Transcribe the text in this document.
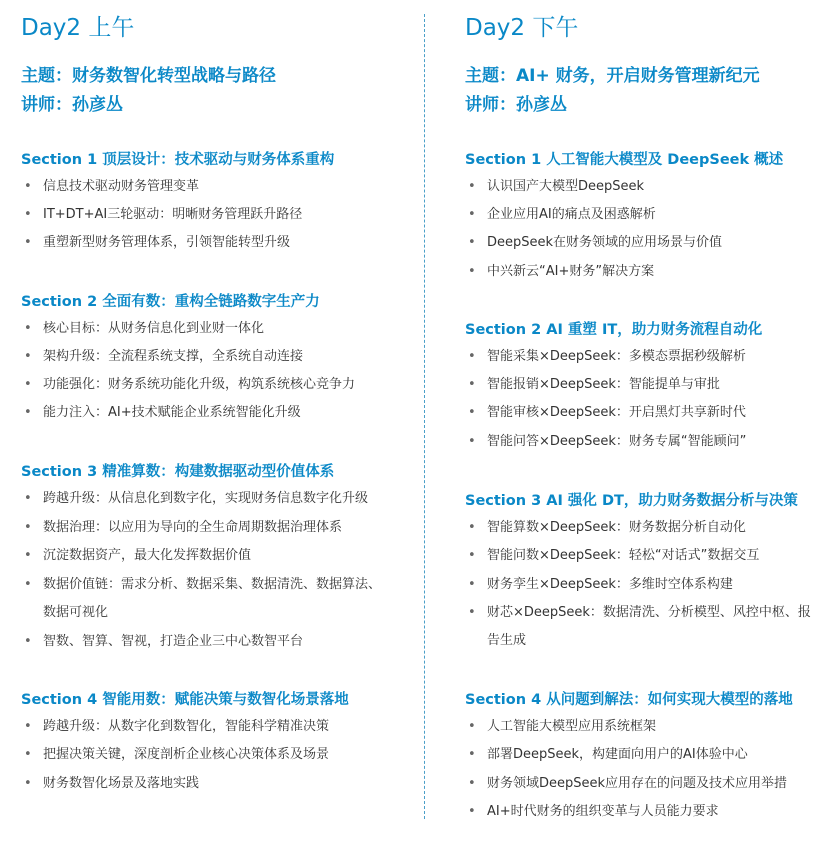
Day2 上午
主题：财务数智化转型战略与路径
讲师：孙彦丛
Section 1 顶层设计：技术驱动与财务体系重构
• 信息技术驱动财务管理变革
• IT+DT+AI三轮驱动：明晰财务管理跃升路径
• 重塑新型财务管理体系，引领智能转型升级
Section 2 全面有数：重构全链路数字生产力
• 核心目标：从财务信息化到业财一体化
• 架构升级：全流程系统支撑，全系统自动连接
• 功能强化：财务系统功能化升级，构筑系统核心竞争力
• 能力注入：AI+技术赋能企业系统智能化升级
Section 3 精准算数：构建数据驱动型价值体系
• 跨越升级：从信息化到数字化，实现财务信息数字化升级
• 数据治理：以应用为导向的全生命周期数据治理体系
• 沉淀数据资产，最大化发挥数据价值
• 数据价值链：需求分析、数据采集、数据清洗、数据算法、数据可视化
• 智数、智算、智视，打造企业三中心数智平台
Section 4 智能用数：赋能决策与数智化场景落地
• 跨越升级：从数字化到数智化，智能科学精准决策
• 把握决策关键，深度剖析企业核心决策体系及场景
• 财务数智化场景及落地实践
Day2 下午
主题：AI+ 财务，开启财务管理新纪元
讲师：孙彦丛
Section 1 人工智能大模型及 DeepSeek 概述
• 认识国产大模型DeepSeek
• 企业应用AI的痛点及困惑解析
• DeepSeek在财务领域的应用场景与价值
• 中兴新云“AI+财务”解决方案
Section 2 AI 重塑 IT，助力财务流程自动化
• 智能采集×DeepSeek：多模态票据秒级解析
• 智能报销×DeepSeek：智能提单与审批
• 智能审核×DeepSeek：开启黑灯共享新时代
• 智能问答×DeepSeek：财务专属“智能顾问”
Section 3 AI 强化 DT，助力财务数据分析与决策
• 智能算数×DeepSeek：财务数据分析自动化
• 智能问数×DeepSeek：轻松“对话式”数据交互
• 财务孪生×DeepSeek：多维时空体系构建
• 财芯×DeepSeek：数据清洗、分析模型、风控中枢、报告生成
Section 4 从问题到解法：如何实现大模型的落地
• 人工智能大模型应用系统框架
• 部署DeepSeek，构建面向用户的AI体验中心
• 财务领域DeepSeek应用存在的问题及技术应用举措
• AI+时代财务的组织变革与人员能力要求
